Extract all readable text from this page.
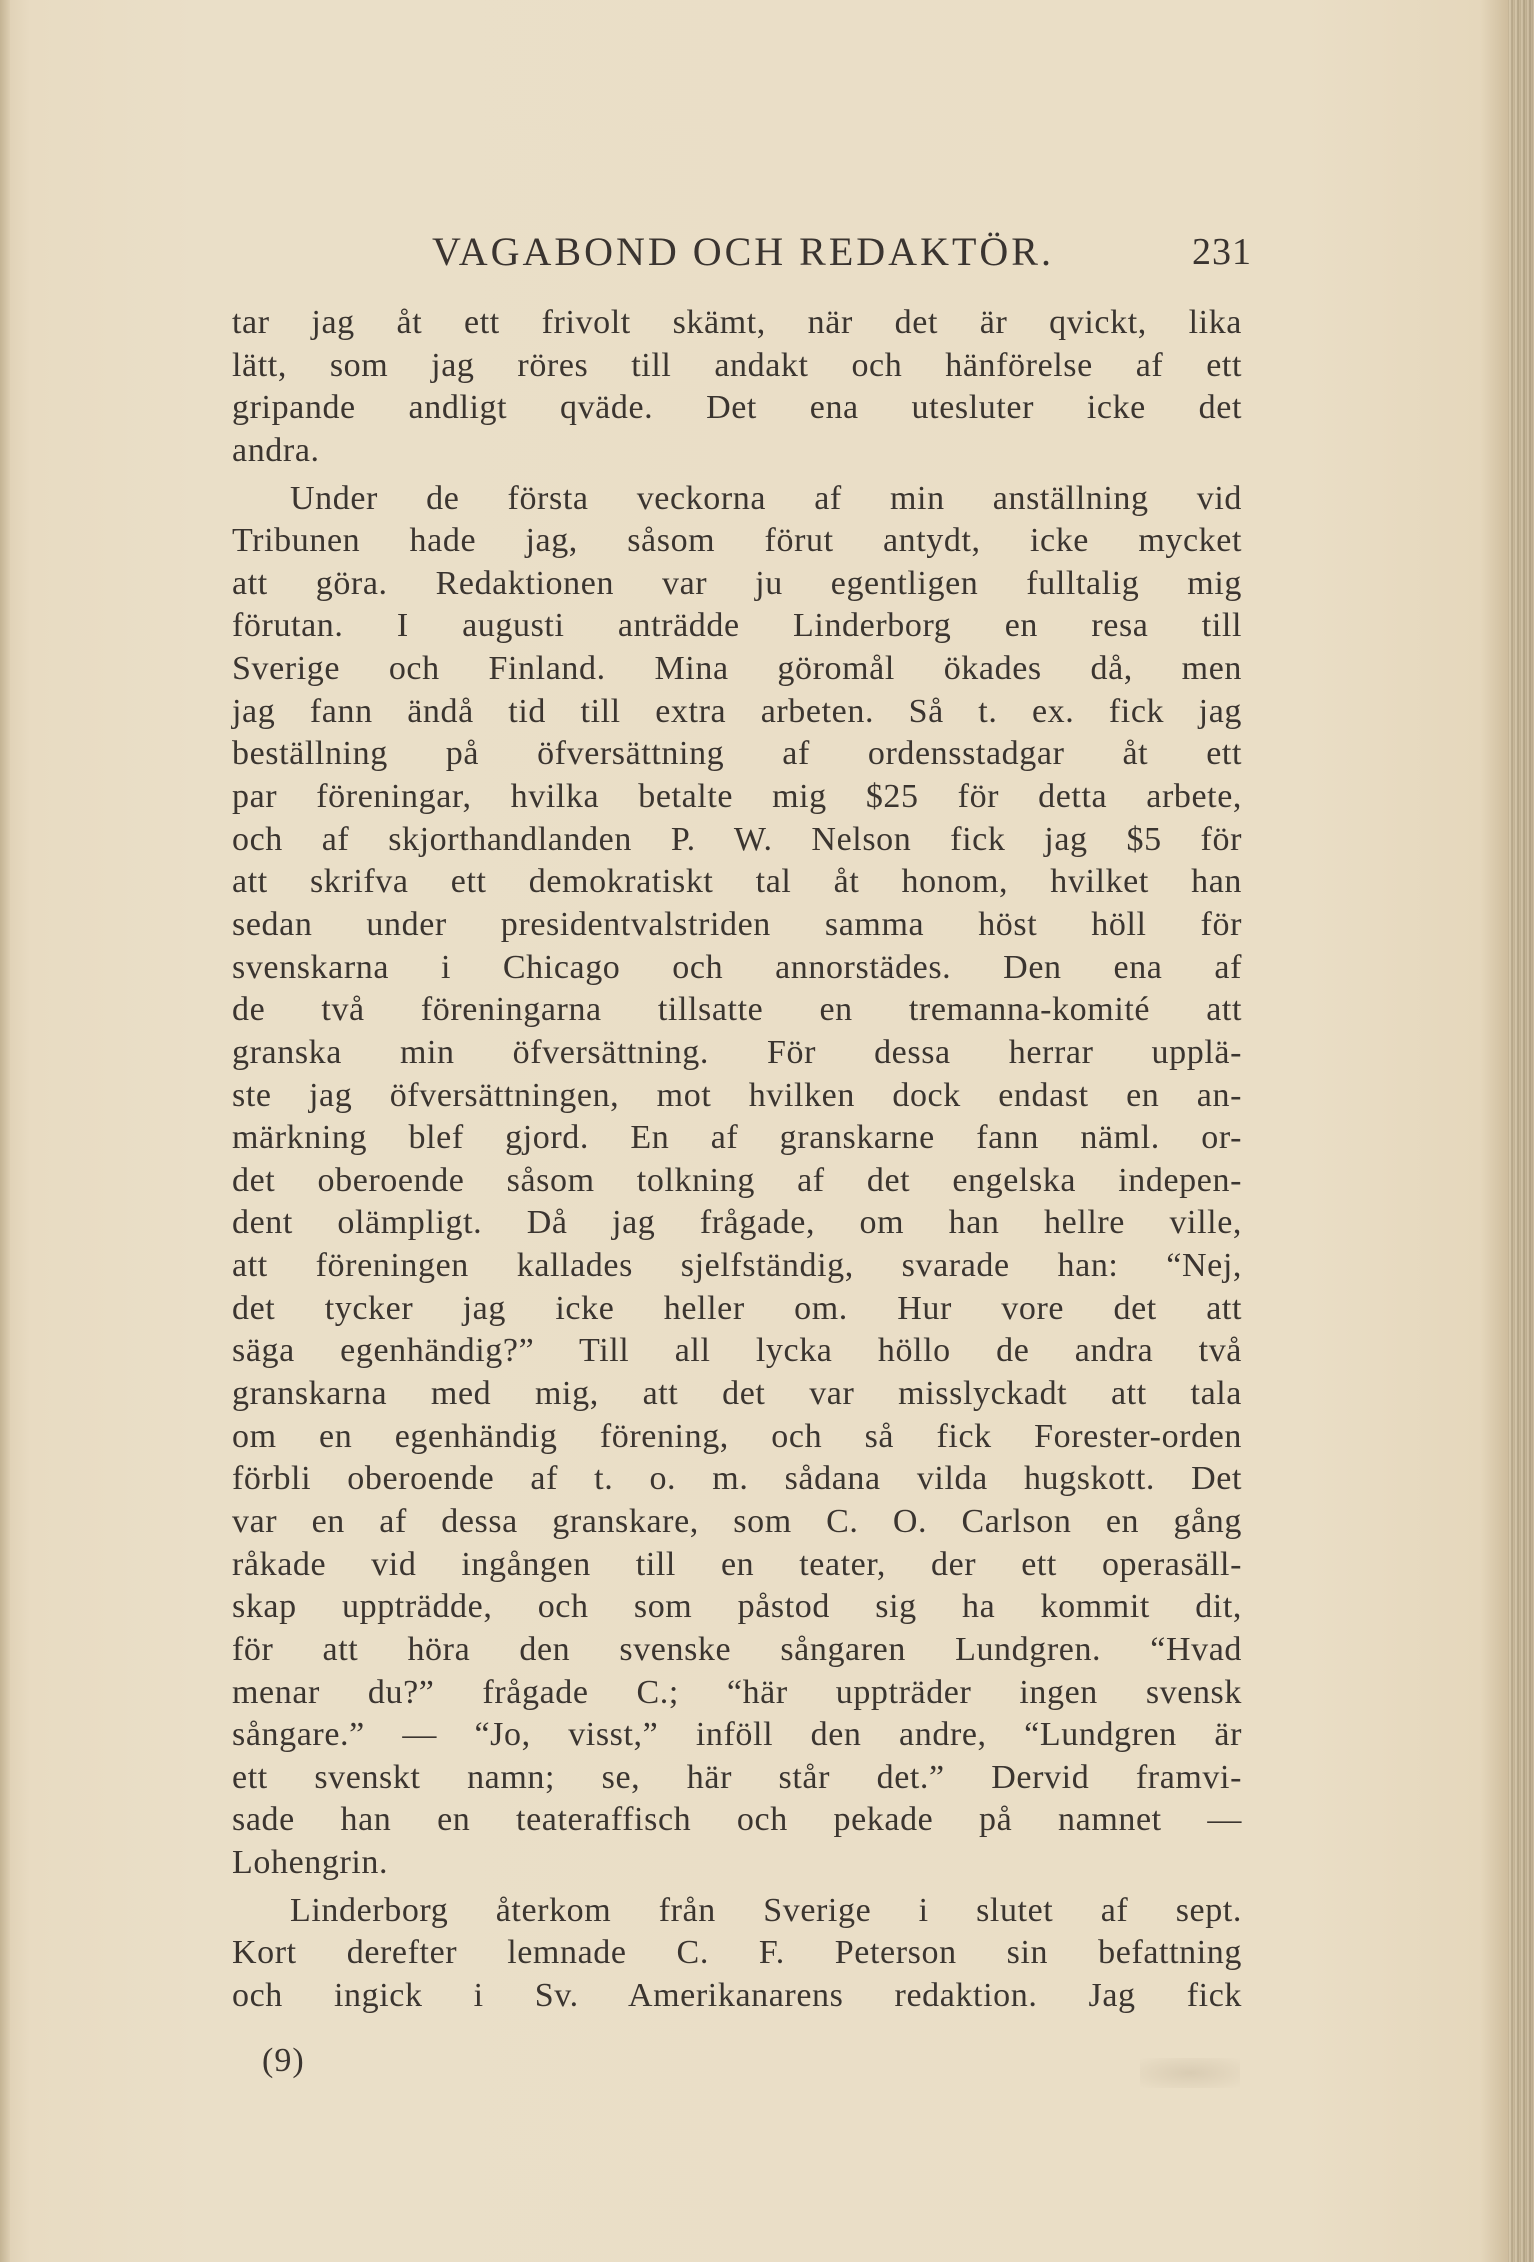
VAGABOND OCH REDAKTÖR.	231
tar jag åt ett frivolt skämt, när det är qvickt, lika
lätt, som jag röres till andakt och hänförelse af ett
gripande andligt qväde. Det ena utesluter icke det
andra.
Under de första veckorna af min anställning vid
Tribunen hade jag, såsom förut antydt, icke mycket
att göra. Redaktionen var ju egentligen fulltalig mig
förutan. I augusti anträdde Linderborg en resa till
Sverige och Finland. Mina göromål ökades då, men
jag fann ändå tid till extra arbeten. Så t. ex. fick jag
beställning på öfversättning af ordensstadgar åt ett
par föreningar, hvilka betalte mig $25 för detta arbete,
och af skjorthandlanden P. W. Nelson fick jag $5 för
att skrifva ett demokratiskt tal åt honom, hvilket han
sedan under presidentvalstriden samma höst höll för
svenskarna i Chicago och annorstädes. Den ena af
de två föreningarna tillsatte en tremanna-komité att
granska min öfversättning. För dessa herrar upplä-
ste jag öfversättningen, mot hvilken dock endast en an-
märkning blef gjord. En af granskarne fann näml. or-
det oberoende såsom tolkning af det engelska indepen-
dent olämpligt. Då jag frågade, om han hellre ville,
att föreningen kallades sjelfständig, svarade han: “Nej,
det tycker jag icke heller om. Hur vore det att
säga egenhändig?” Till all lycka höllo de andra två
granskarna med mig, att det var misslyckadt att tala
om en egenhändig förening, och så fick Forester-orden
förbli oberoende af t. o. m. sådana vilda hugskott. Det
var en af dessa granskare, som C. O. Carlson en gång
råkade vid ingången till en teater, der ett operasäll-
skap uppträdde, och som påstod sig ha kommit dit,
för att höra den svenske sångaren Lundgren. “Hvad
menar du?” frågade C.; “här uppträder ingen svensk
sångare.” — “Jo, visst,” inföll den andre, “Lundgren är
ett svenskt namn; se, här står det.” Dervid framvi-
sade han en teateraffisch och pekade på namnet —
Lohengrin.
Linderborg återkom från Sverige i slutet af sept.
Kort derefter lemnade C. F. Peterson sin befattning
och ingick i Sv. Amerikanarens redaktion. Jag fick
(9)
